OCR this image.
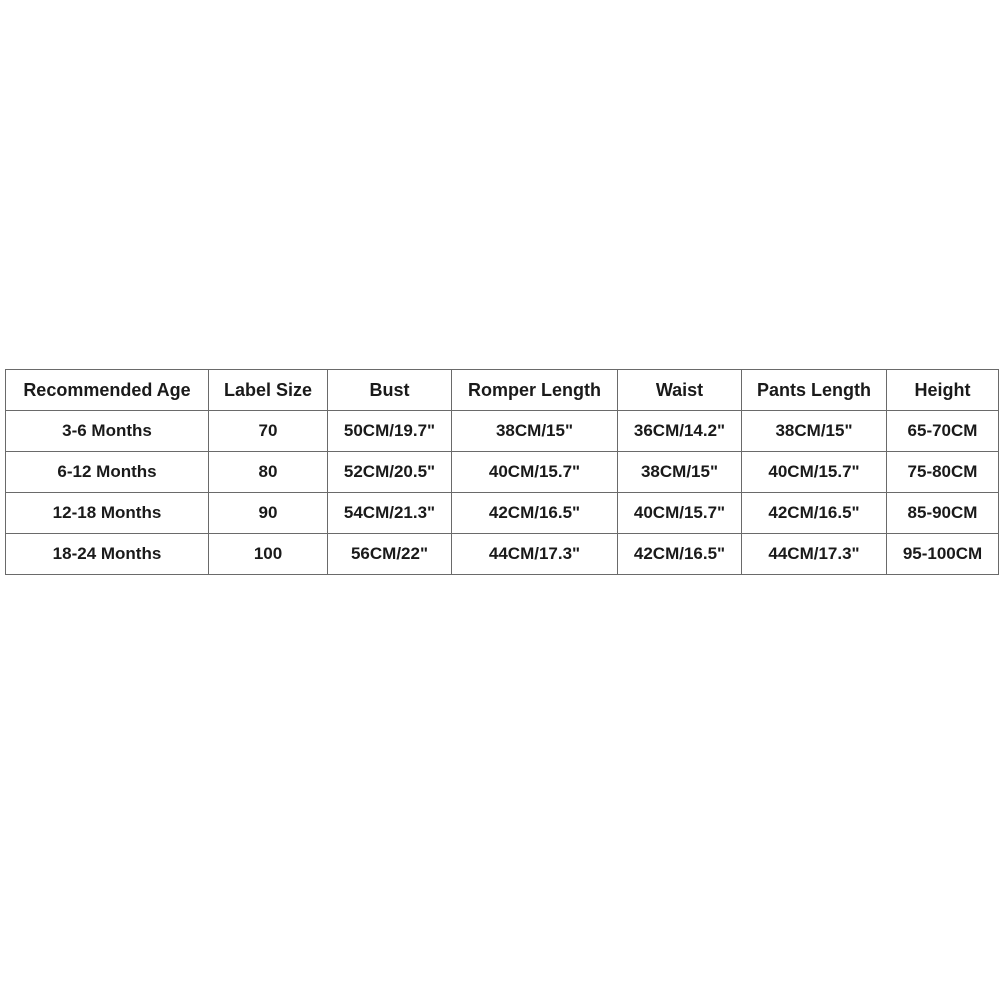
Recommended Age	Label Size	Bust	Romper Length	Waist	Pants Length	Height
3-6 Months	70	50CM/19.7"	38CM/15"	36CM/14.2"	38CM/15"	65-70CM
6-12 Months	80	52CM/20.5"	40CM/15.7"	38CM/15"	40CM/15.7"	75-80CM
12-18 Months	90	54CM/21.3"	42CM/16.5"	40CM/15.7"	42CM/16.5"	85-90CM
18-24 Months	100	56CM/22"	44CM/17.3"	42CM/16.5"	44CM/17.3"	95-100CM
